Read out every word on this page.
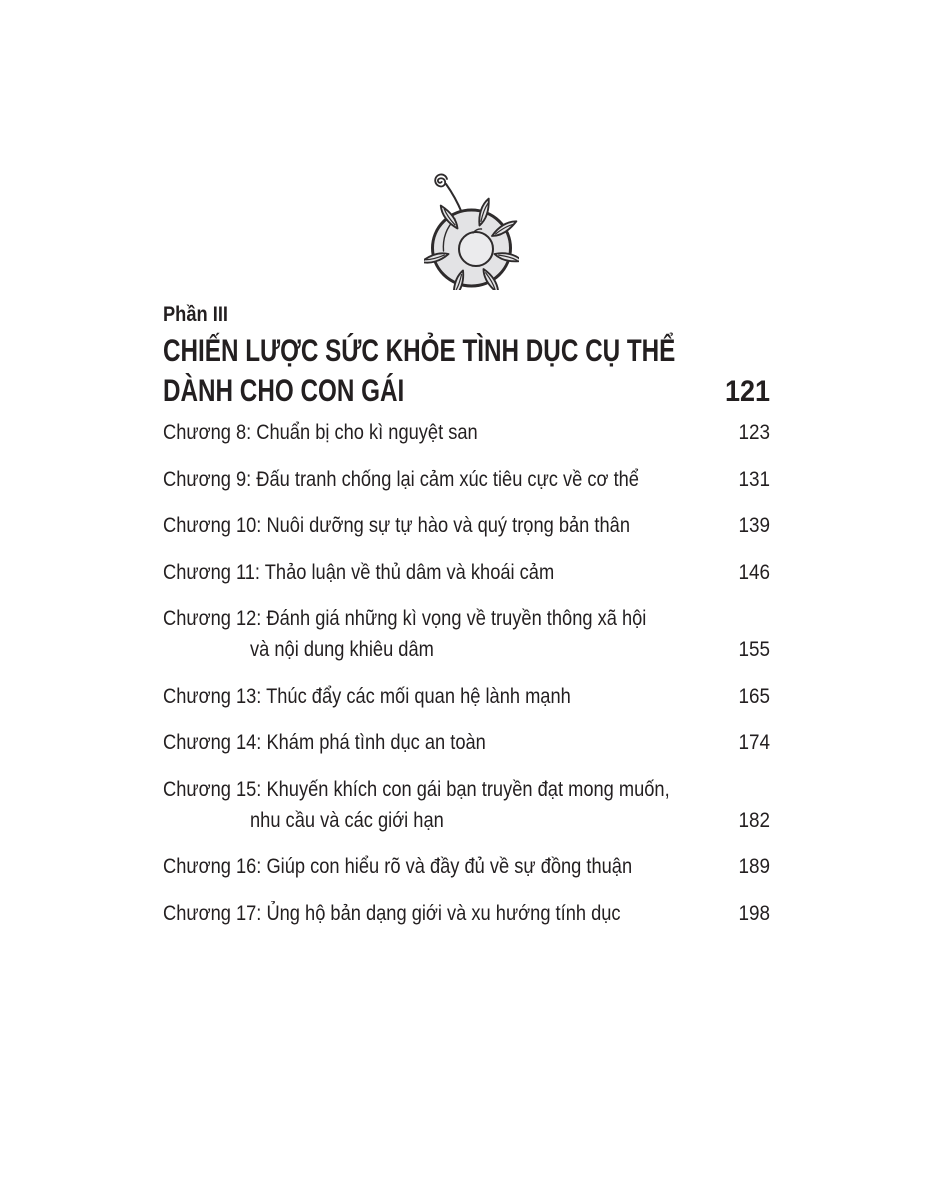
Phần III
CHIẾN LƯỢC SỨC KHỎE TÌNH DỤC CỤ THỂ
DÀNH CHO CON GÁI	121
Chương 8: Chuẩn bị cho kì nguyệt san	123
Chương 9: Đấu tranh chống lại cảm xúc tiêu cực về cơ thể	131
Chương 10: Nuôi dưỡng sự tự hào và quý trọng bản thân	139
Chương 11: Thảo luận về thủ dâm và khoái cảm	146
Chương 12: Đánh giá những kì vọng về truyền thông xã hội
và nội dung khiêu dâm	155
Chương 13: Thúc đẩy các mối quan hệ lành mạnh	165
Chương 14: Khám phá tình dục an toàn	174
Chương 15: Khuyến khích con gái bạn truyền đạt mong muốn,
nhu cầu và các giới hạn	182
Chương 16: Giúp con hiểu rõ và đầy đủ về sự đồng thuận	189
Chương 17: Ủng hộ bản dạng giới và xu hướng tính dục	198
